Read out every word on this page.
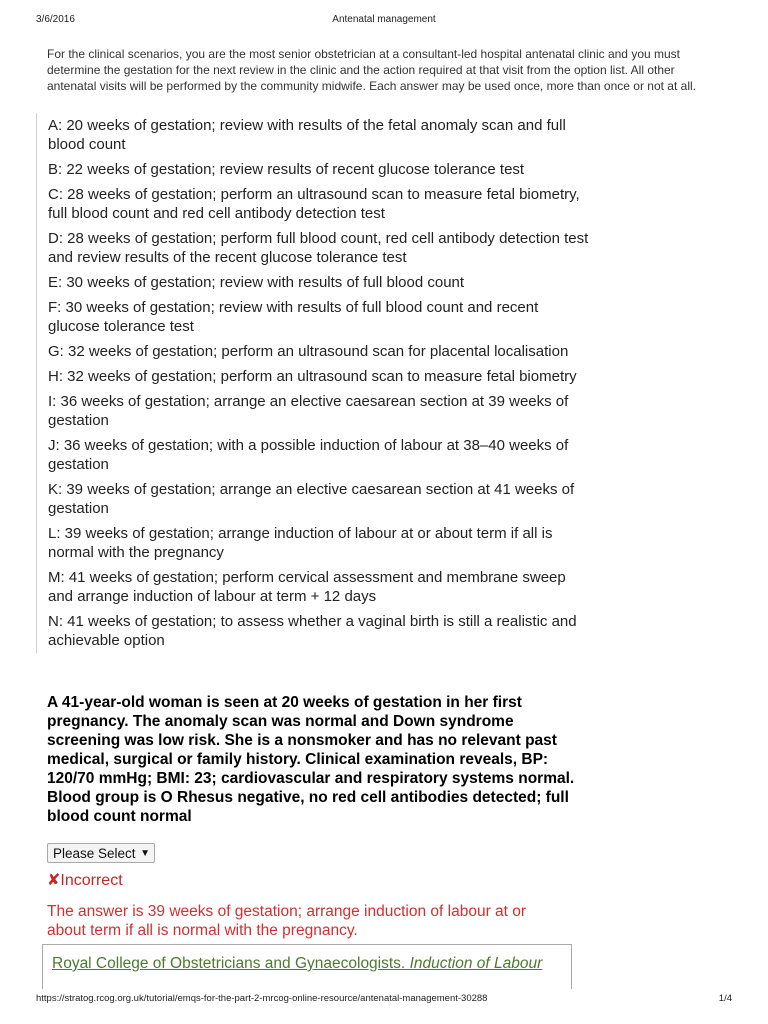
3/6/2016	Antenatal management
For the clinical scenarios, you are the most senior obstetrician at a consultant-led hospital antenatal clinic and you must determine the gestation for the next review in the clinic and the action required at that visit from the option list. All other antenatal visits will be performed by the community midwife. Each answer may be used once, more than once or not at all.
A: 20 weeks of gestation; review with results of the fetal anomaly scan and full blood count
B: 22 weeks of gestation; review results of recent glucose tolerance test
C: 28 weeks of gestation; perform an ultrasound scan to measure fetal biometry, full blood count and red cell antibody detection test
D: 28 weeks of gestation; perform full blood count, red cell antibody detection test and review results of the recent glucose tolerance test
E: 30 weeks of gestation; review with results of full blood count
F: 30 weeks of gestation; review with results of full blood count and recent glucose tolerance test
G: 32 weeks of gestation; perform an ultrasound scan for placental localisation
H: 32 weeks of gestation; perform an ultrasound scan to measure fetal biometry
I: 36 weeks of gestation; arrange an elective caesarean section at 39 weeks of gestation
J: 36 weeks of gestation; with a possible induction of labour at 38–40 weeks of gestation
K: 39 weeks of gestation; arrange an elective caesarean section at 41 weeks of gestation
L: 39 weeks of gestation; arrange induction of labour at or about term if all is normal with the pregnancy
M: 41 weeks of gestation; perform cervical assessment and membrane sweep and arrange induction of labour at term + 12 days
N: 41 weeks of gestation; to assess whether a vaginal birth is still a realistic and achievable option
A 41-year-old woman is seen at 20 weeks of gestation in her first pregnancy. The anomaly scan was normal and Down syndrome screening was low risk. She is a nonsmoker and has no relevant past medical, surgical or family history. Clinical examination reveals, BP: 120/70 mmHg; BMI: 23; cardiovascular and respiratory systems normal. Blood group is O Rhesus negative, no red cell antibodies detected; full blood count normal
Please Select ▼
✘Incorrect
The answer is 39 weeks of gestation; arrange induction of labour at or about term if all is normal with the pregnancy.
Royal College of Obstetricians and Gynaecologists. Induction of Labour
https://stratog.rcog.org.uk/tutorial/emqs-for-the-part-2-mrcog-online-resource/antenatal-management-30288	1/4
